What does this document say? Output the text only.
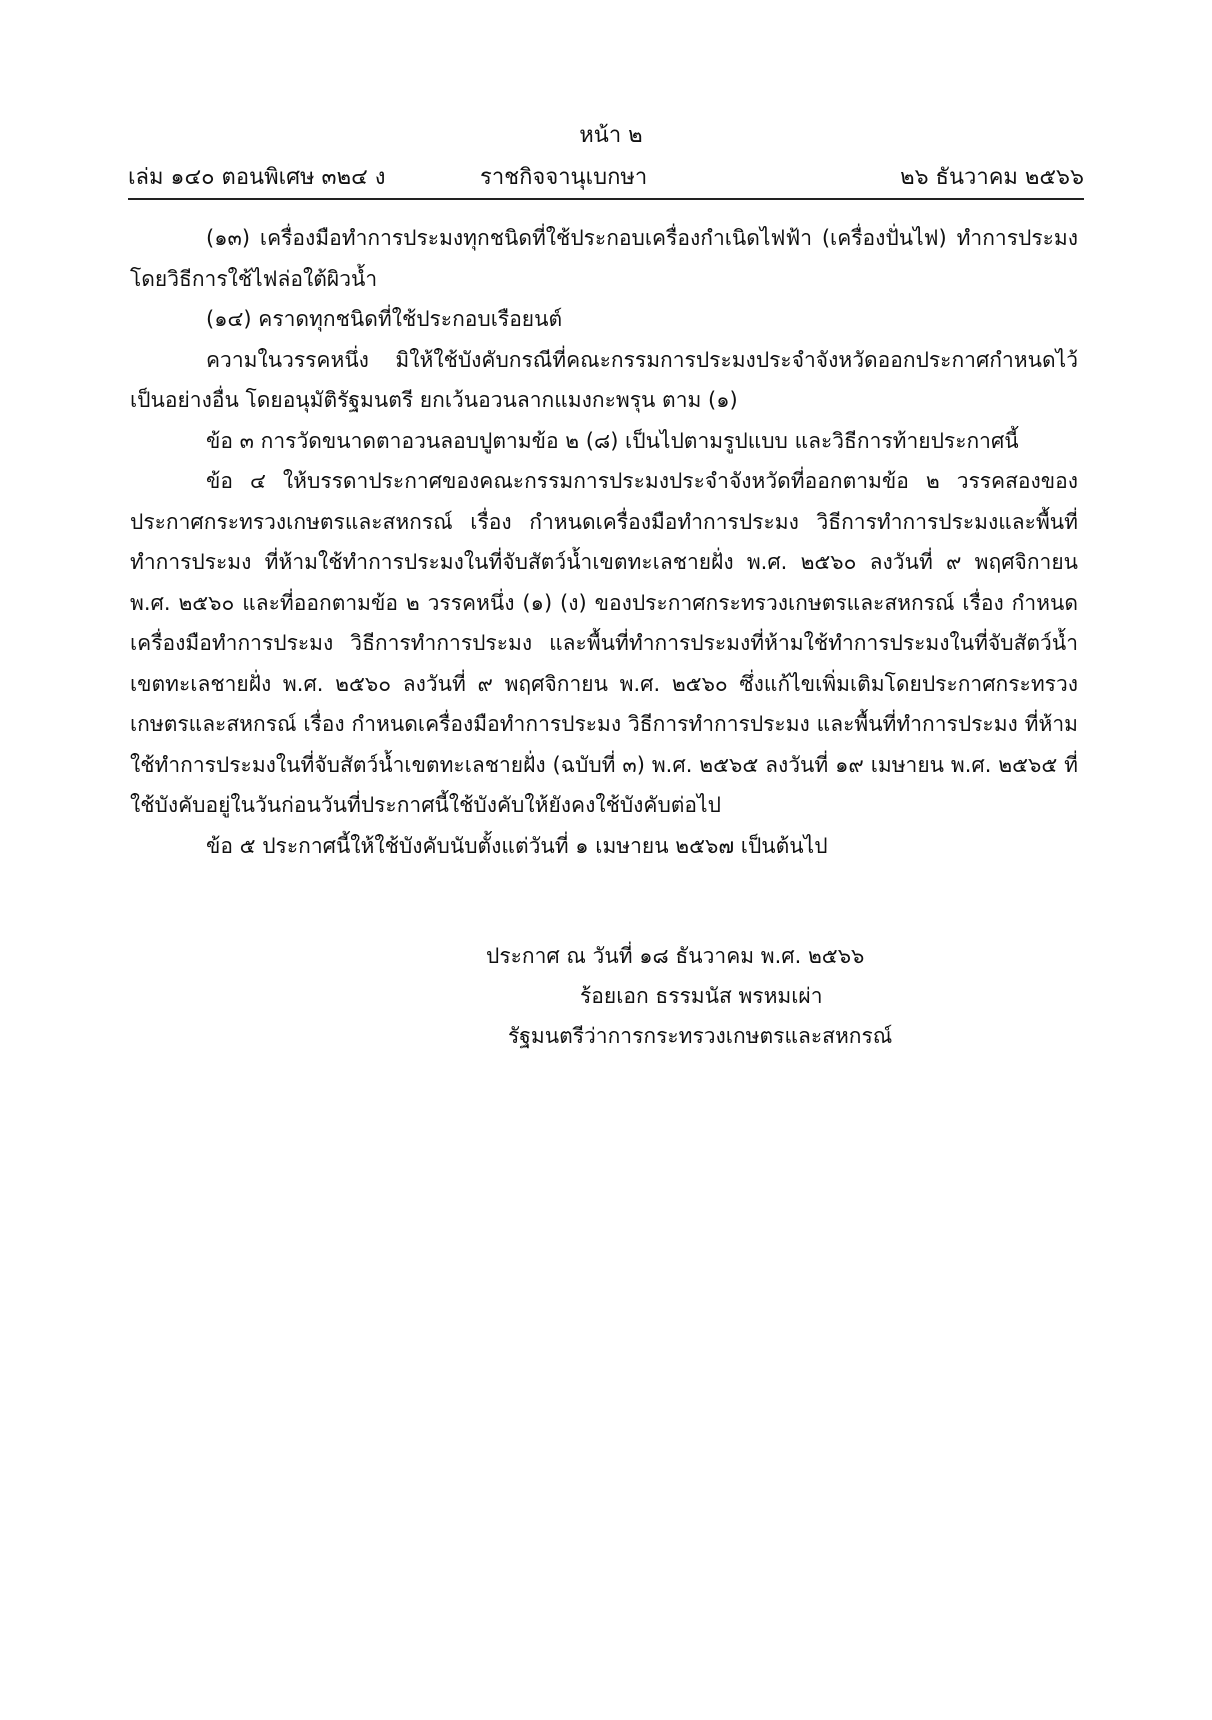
หน้า ๒
เล่ม ๑๔๐ ตอนพิเศษ ๓๒๔ ง	ราชกิจจานุเบกษา	๒๖ ธันวาคม ๒๕๖๖

(๑๓) เครื่องมือทำการประมงทุกชนิดที่ใช้ประกอบเครื่องกำเนิดไฟฟ้า (เครื่องปั่นไฟ) ทำการประมงโดยวิธีการใช้ไฟล่อใต้ผิวน้ำ

(๑๔) คราดทุกชนิดที่ใช้ประกอบเรือยนต์

ความในวรรคหนึ่ง มิให้ใช้บังคับกรณีที่คณะกรรมการประมงประจำจังหวัดออกประกาศกำหนดไว้เป็นอย่างอื่น โดยอนุมัติรัฐมนตรี ยกเว้นอวนลากแมงกะพรุน ตาม (๑)

ข้อ ๓ การวัดขนาดตาอวนลอบปูตามข้อ ๒ (๘) เป็นไปตามรูปแบบ และวิธีการท้ายประกาศนี้

ข้อ ๔ ให้บรรดาประกาศของคณะกรรมการประมงประจำจังหวัดที่ออกตามข้อ ๒ วรรคสองของประกาศกระทรวงเกษตรและสหกรณ์ เรื่อง กำหนดเครื่องมือทำการประมง วิธีการทำการประมงและพื้นที่ทำการประมง ที่ห้ามใช้ทำการประมงในที่จับสัตว์น้ำเขตทะเลชายฝั่ง พ.ศ. ๒๕๖๐ ลงวันที่ ๙ พฤศจิกายน พ.ศ. ๒๕๖๐ และที่ออกตามข้อ ๒ วรรคหนึ่ง (๑) (ง) ของประกาศกระทรวงเกษตรและสหกรณ์ เรื่อง กำหนดเครื่องมือทำการประมง วิธีการทำการประมง และพื้นที่ทำการประมงที่ห้ามใช้ทำการประมงในที่จับสัตว์น้ำเขตทะเลชายฝั่ง พ.ศ. ๒๕๖๐ ลงวันที่ ๙ พฤศจิกายน พ.ศ. ๒๕๖๐ ซึ่งแก้ไขเพิ่มเติมโดยประกาศกระทรวงเกษตรและสหกรณ์ เรื่อง กำหนดเครื่องมือทำการประมง วิธีการทำการประมง และพื้นที่ทำการประมง ที่ห้ามใช้ทำการประมงในที่จับสัตว์น้ำเขตทะเลชายฝั่ง (ฉบับที่ ๓) พ.ศ. ๒๕๖๕ ลงวันที่ ๑๙ เมษายน พ.ศ. ๒๕๖๕ ที่ใช้บังคับอยู่ในวันก่อนวันที่ประกาศนี้ใช้บังคับให้ยังคงใช้บังคับต่อไป

ข้อ ๕ ประกาศนี้ให้ใช้บังคับนับตั้งแต่วันที่ ๑ เมษายน ๒๕๖๗ เป็นต้นไป

ประกาศ ณ วันที่ ๑๘ ธันวาคม พ.ศ. ๒๕๖๖
ร้อยเอก ธรรมนัส พรหมเผ่า
รัฐมนตรีว่าการกระทรวงเกษตรและสหกรณ์
